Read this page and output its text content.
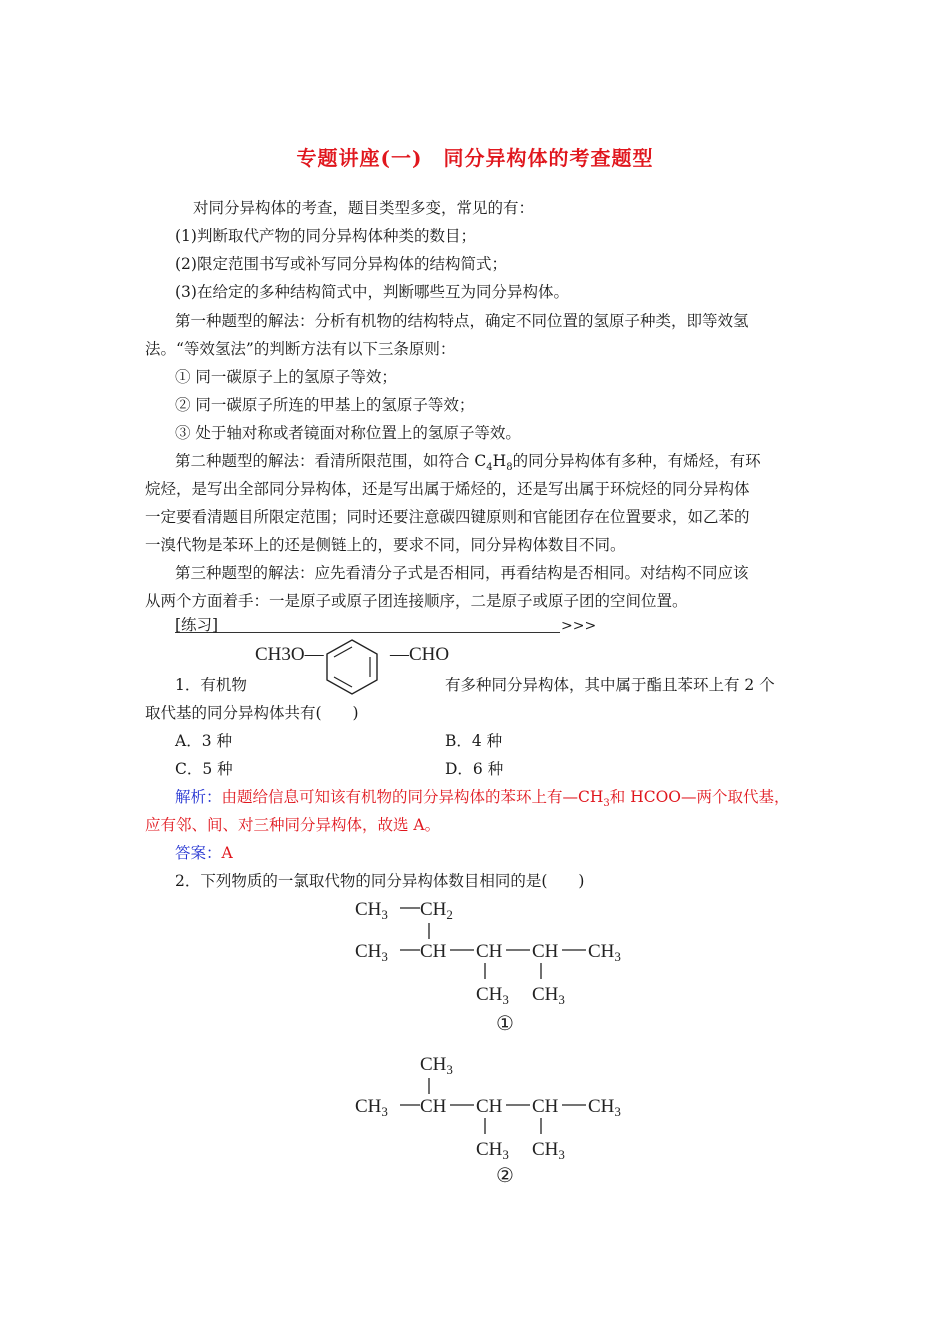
专题讲座(一)　同分异构体的考查题型
对同分异构体的考查，题目类型多变，常见的有：
(1)判断取代产物的同分异构体种类的数目；
(2)限定范围书写或补写同分异构体的结构简式；
(3)在给定的多种结构简式中，判断哪些互为同分异构体。
第一种题型的解法：分析有机物的结构特点，确定不同位置的氢原子种类，即等效氢
法。“等效氢法”的判断方法有以下三条原则：
① 同一碳原子上的氢原子等效；
② 同一碳原子所连的甲基上的氢原子等效；
③ 处于轴对称或者镜面对称位置上的氢原子等效。
第二种题型的解法：看清所限范围，如符合 $C_4H_8$的同分异构体有多种，有烯烃，有环
烷烃，是写出全部同分异构体，还是写出属于烯烃的，还是写出属于环烷烃的同分异构体
一定要看清题目所限定范围；同时还要注意碳四键原则和官能团存在位置要求，如乙苯的
一溴代物是苯环上的还是侧链上的，要求不同，同分异构体数目不同。
第三种题型的解法：应先看清分子式是否相同，再看结构是否相同。对结构不同应该
从两个方面着手：一是原子或原子团连接顺序，二是原子或原子团的空间位置。
[练习]	>>>
CH3O—	—CHO
1．有机物	有多种同分异构体，其中属于酯且苯环上有 2 个
取代基的同分异构体共有(　　)
A．3 种	B．4 种
C．5 种	D．6 种
解析：由题给信息可知该有机物的同分异构体的苯环上有$—CH_3$和 HCOO—两个取代基，
应有邻、间、对三种同分异构体，故选 A。
答案：A
2．下列物质的一氯取代物的同分异构体数目相同的是(　　)
$CH_3$ $CH_2$
$CH_3$ CH CH CH $CH_3$
$CH_3$ $CH_3$
①
$CH_3$
$CH_3$ CH CH CH $CH_3$
$CH_3$ $CH_3$
②
